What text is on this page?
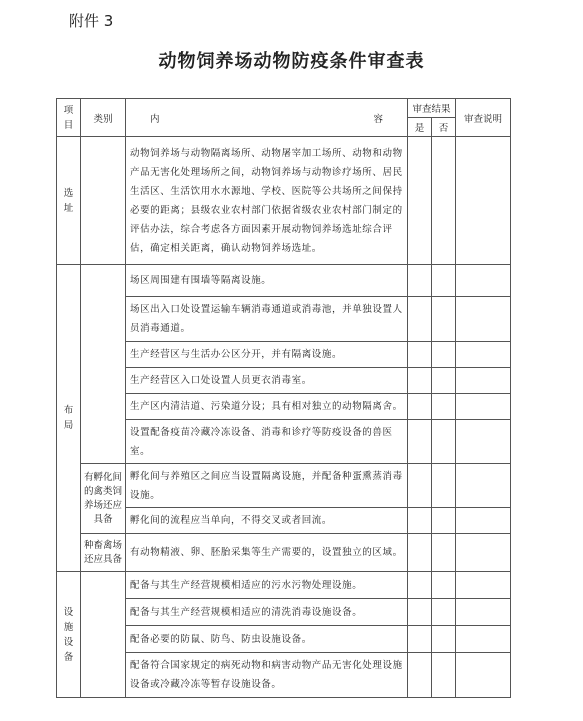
附件 3
动物饲养场动物防疫条件审查表
项
目	类别	内 容	审查结果		审查说明
			是	否	

选
址		动物饲养场与动物隔离场所、动物屠宰加工场所、动物和动物产品无害化处理场所之间，动物饲养场与动物诊疗场所、居民生活区、生活饮用水水源地、学校、医院等公共场所之间保持必要的距离；县级农业农村部门依据省级农业农村部门制定的评估办法，综合考虑各方面因素开展动物饲养场选址综合评估，确定相关距离，确认动物饲养场选址。			

布
局		场区周围建有围墙等隔离设施。			
		场区出入口处设置运输车辆消毒通道或消毒池，并单独设置人员消毒通道。			
		生产经营区与生活办公区分开，并有隔离设施。			
		生产经营区入口处设置人员更衣消毒室。			
		生产区内清洁道、污染道分设；具有相对独立的动物隔离舍。			
		设置配备疫苗冷藏冷冻设备、消毒和诊疗等防疫设备的兽医室。			
	有孵化间的禽类饲养场还应具备	孵化间与养殖区之间应当设置隔离设施，并配备种蛋熏蒸消毒设施。			
		孵化间的流程应当单向，不得交叉或者回流。			
	种畜禽场还应具备	有动物精液、卵、胚胎采集等生产需要的，设置独立的区域。			

设
施
设
备		配备与其生产经营规模相适应的污水污物处理设施。			
		配备与其生产经营规模相适应的清洗消毒设施设备。			
		配备必要的防鼠、防鸟、防虫设施设备。			
		配备符合国家规定的病死动物和病害动物产品无害化处理设施设备或冷藏冷冻等暂存设施设备。			
